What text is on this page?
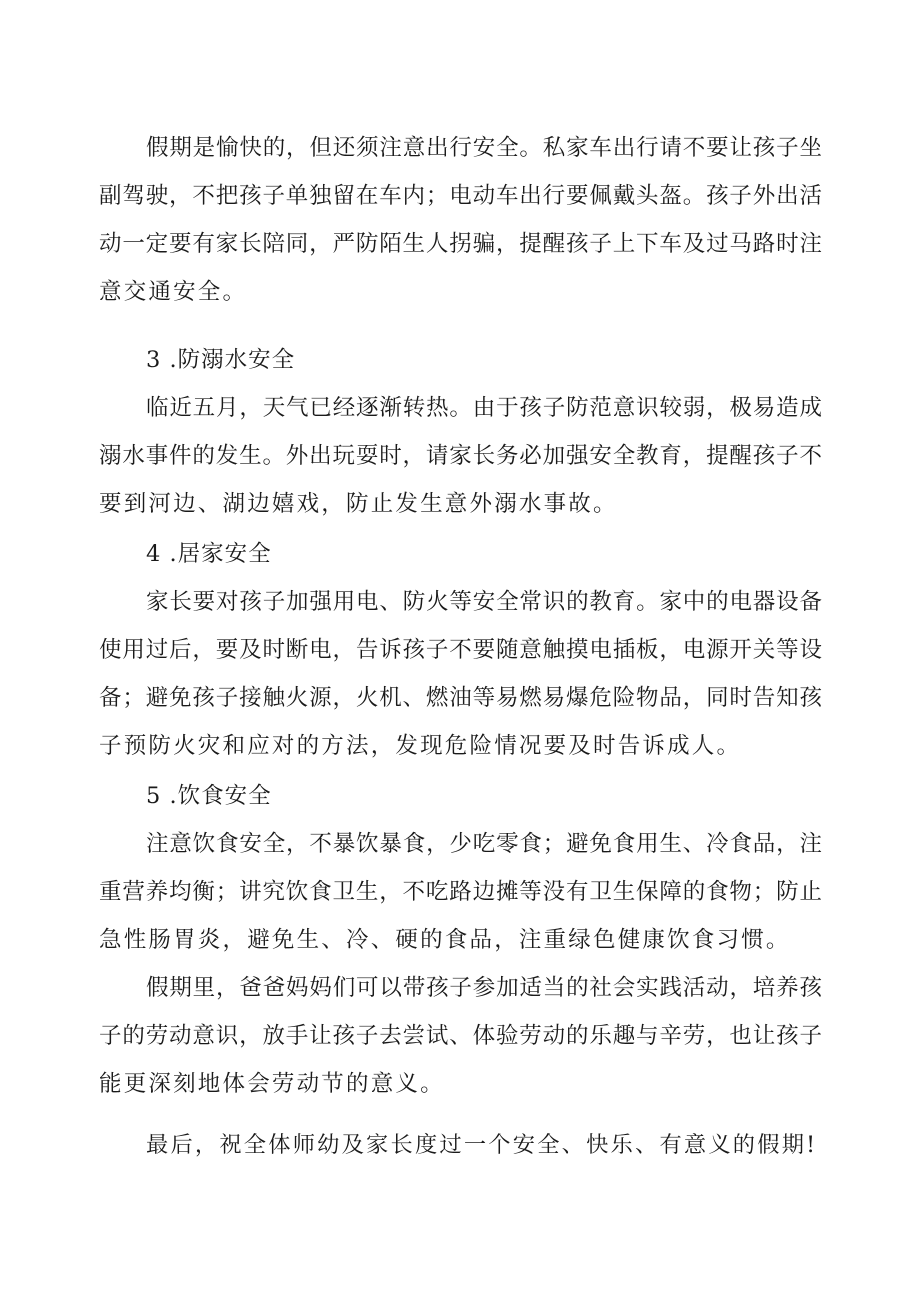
假期是愉快的，但还须注意出行安全。私家车出行请不要让孩子坐
副驾驶，不把孩子单独留在车内；电动车出行要佩戴头盔。孩子外出活
动一定要有家长陪同，严防陌生人拐骗，提醒孩子上下车及过马路时注
意交通安全。
3 .防溺水安全
临近五月，天气已经逐渐转热。由于孩子防范意识较弱，极易造成
溺水事件的发生。外出玩耍时，请家长务必加强安全教育，提醒孩子不
要到河边、湖边嬉戏，防止发生意外溺水事故。
4 .居家安全
家长要对孩子加强用电、防火等安全常识的教育。家中的电器设备
使用过后，要及时断电，告诉孩子不要随意触摸电插板，电源开关等设
备；避免孩子接触火源，火机、燃油等易燃易爆危险物品，同时告知孩
子预防火灾和应对的方法，发现危险情况要及时告诉成人。
5 .饮食安全
注意饮食安全，不暴饮暴食，少吃零食；避免食用生、冷食品，注
重营养均衡；讲究饮食卫生，不吃路边摊等没有卫生保障的食物；防止
急性肠胃炎，避免生、冷、硬的食品，注重绿色健康饮食习惯。
假期里，爸爸妈妈们可以带孩子参加适当的社会实践活动，培养孩
子的劳动意识，放手让孩子去尝试、体验劳动的乐趣与辛劳，也让孩子
能更深刻地体会劳动节的意义。
最后，祝全体师幼及家长度过一个安全、快乐、有意义的假期!
